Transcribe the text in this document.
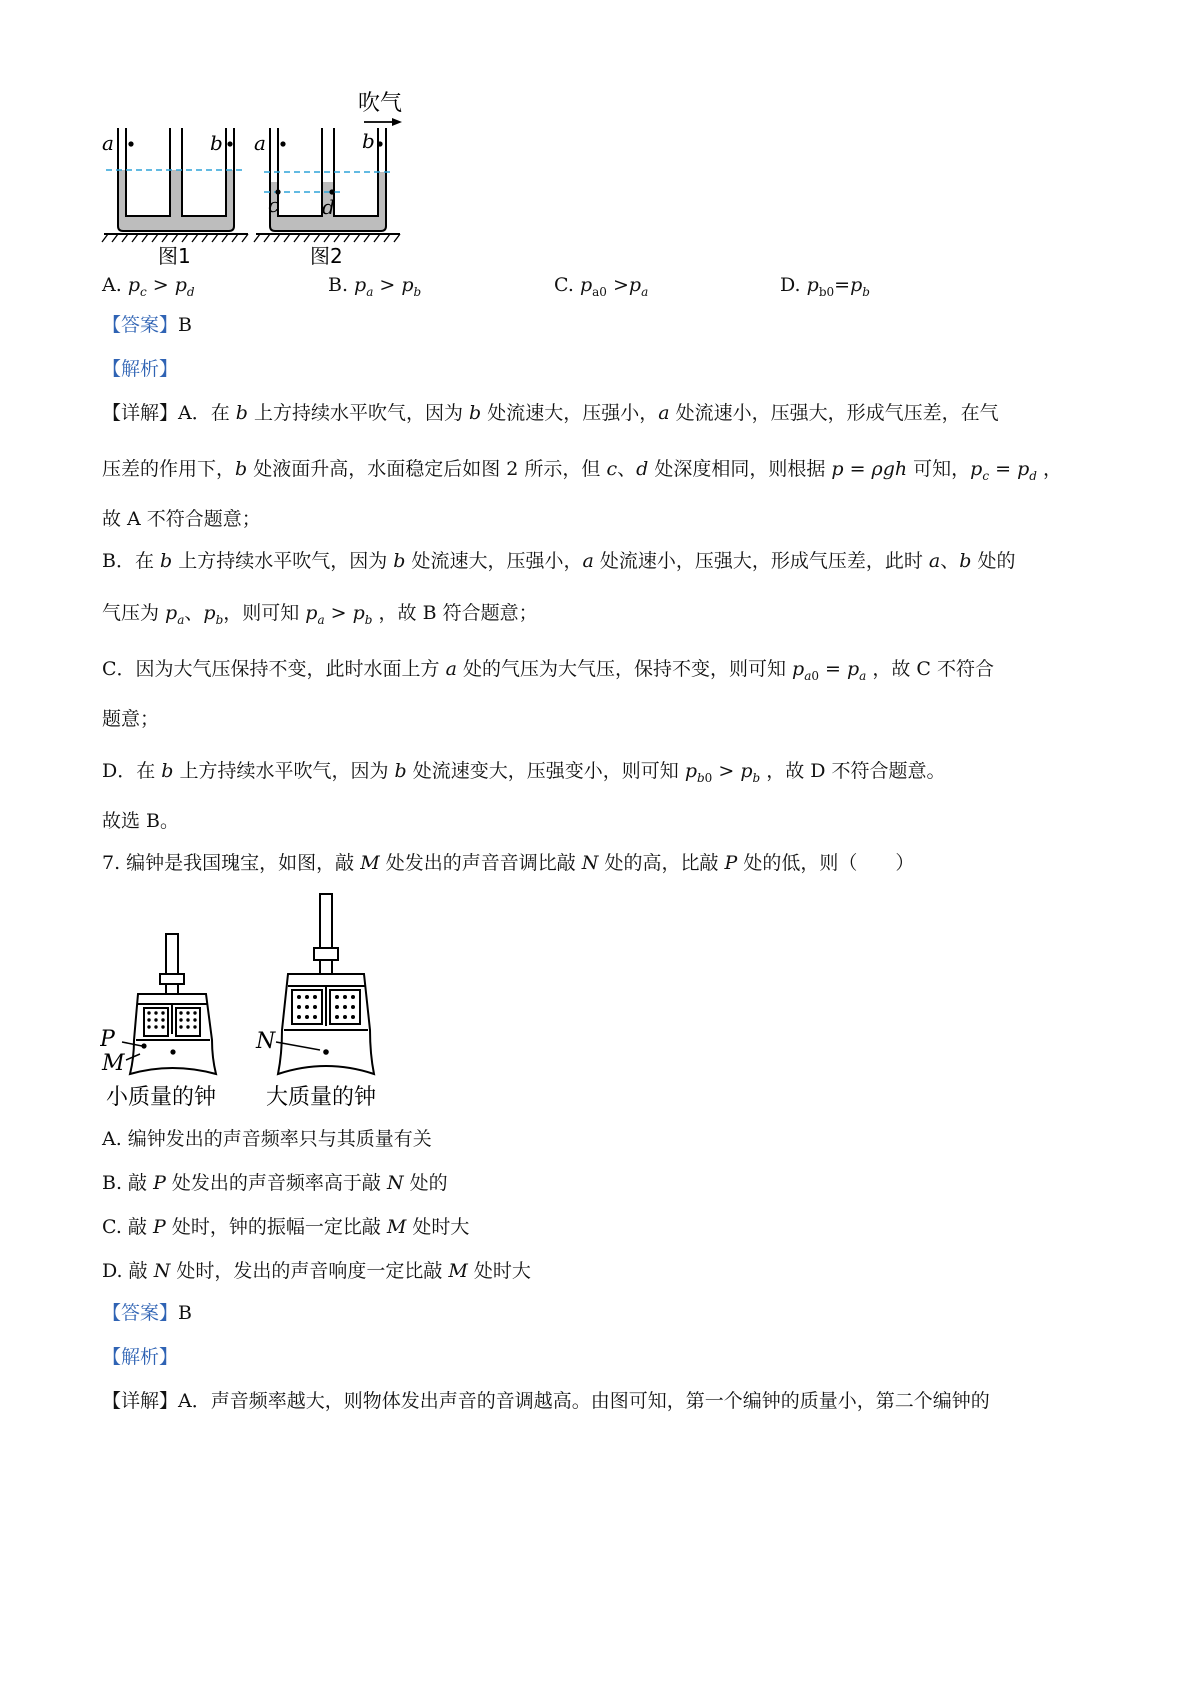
a	b
图1
a	b
c d
吹气
图2
A. $p_c > p_d$	B. $p_a > p_b$	C. $p_{a0} >p_a$	D. $p_{b0}=p_b$
【答案】B
【解析】
【详解】A．在 b 上方持续水平吹气，因为 b 处流速大，压强小，a 处流速小，压强大，形成气压差，在气
压差的作用下，b 处液面升高，水面稳定后如图 2 所示，但 c、d 处深度相同，则根据 p = ρgh 可知，$p_c = p_d$ ，
故 A 不符合题意；
B．在 b 上方持续水平吹气，因为 b 处流速大，压强小，a 处流速小，压强大，形成气压差，此时 a、b 处的
气压为 $p_a$、$p_b$，则可知 $p_a > p_b$ ，故 B 符合题意；
C．因为大气压保持不变，此时水面上方 a 处的气压为大气压，保持不变，则可知 $p_{a0} = p_a$ ，故 C 不符合
题意；
D．在 b 上方持续水平吹气，因为 b 处流速变大，压强变小，则可知 $p_{b0} > p_b$ ，故 D 不符合题意。
故选 B。
7. 编钟是我国瑰宝，如图，敲 M 处发出的声音音调比敲 N 处的高，比敲 P 处的低，则（　　）
P
M
N
小质量的钟 大质量的钟
A. 编钟发出的声音频率只与其质量有关
B. 敲 P 处发出的声音频率高于敲 N 处的
C. 敲 P 处时，钟的振幅一定比敲 M 处时大
D. 敲 N 处时，发出的声音响度一定比敲 M 处时大
【答案】B
【解析】
【详解】A．声音频率越大，则物体发出声音的音调越高。由图可知，第一个编钟的质量小，第二个编钟的
